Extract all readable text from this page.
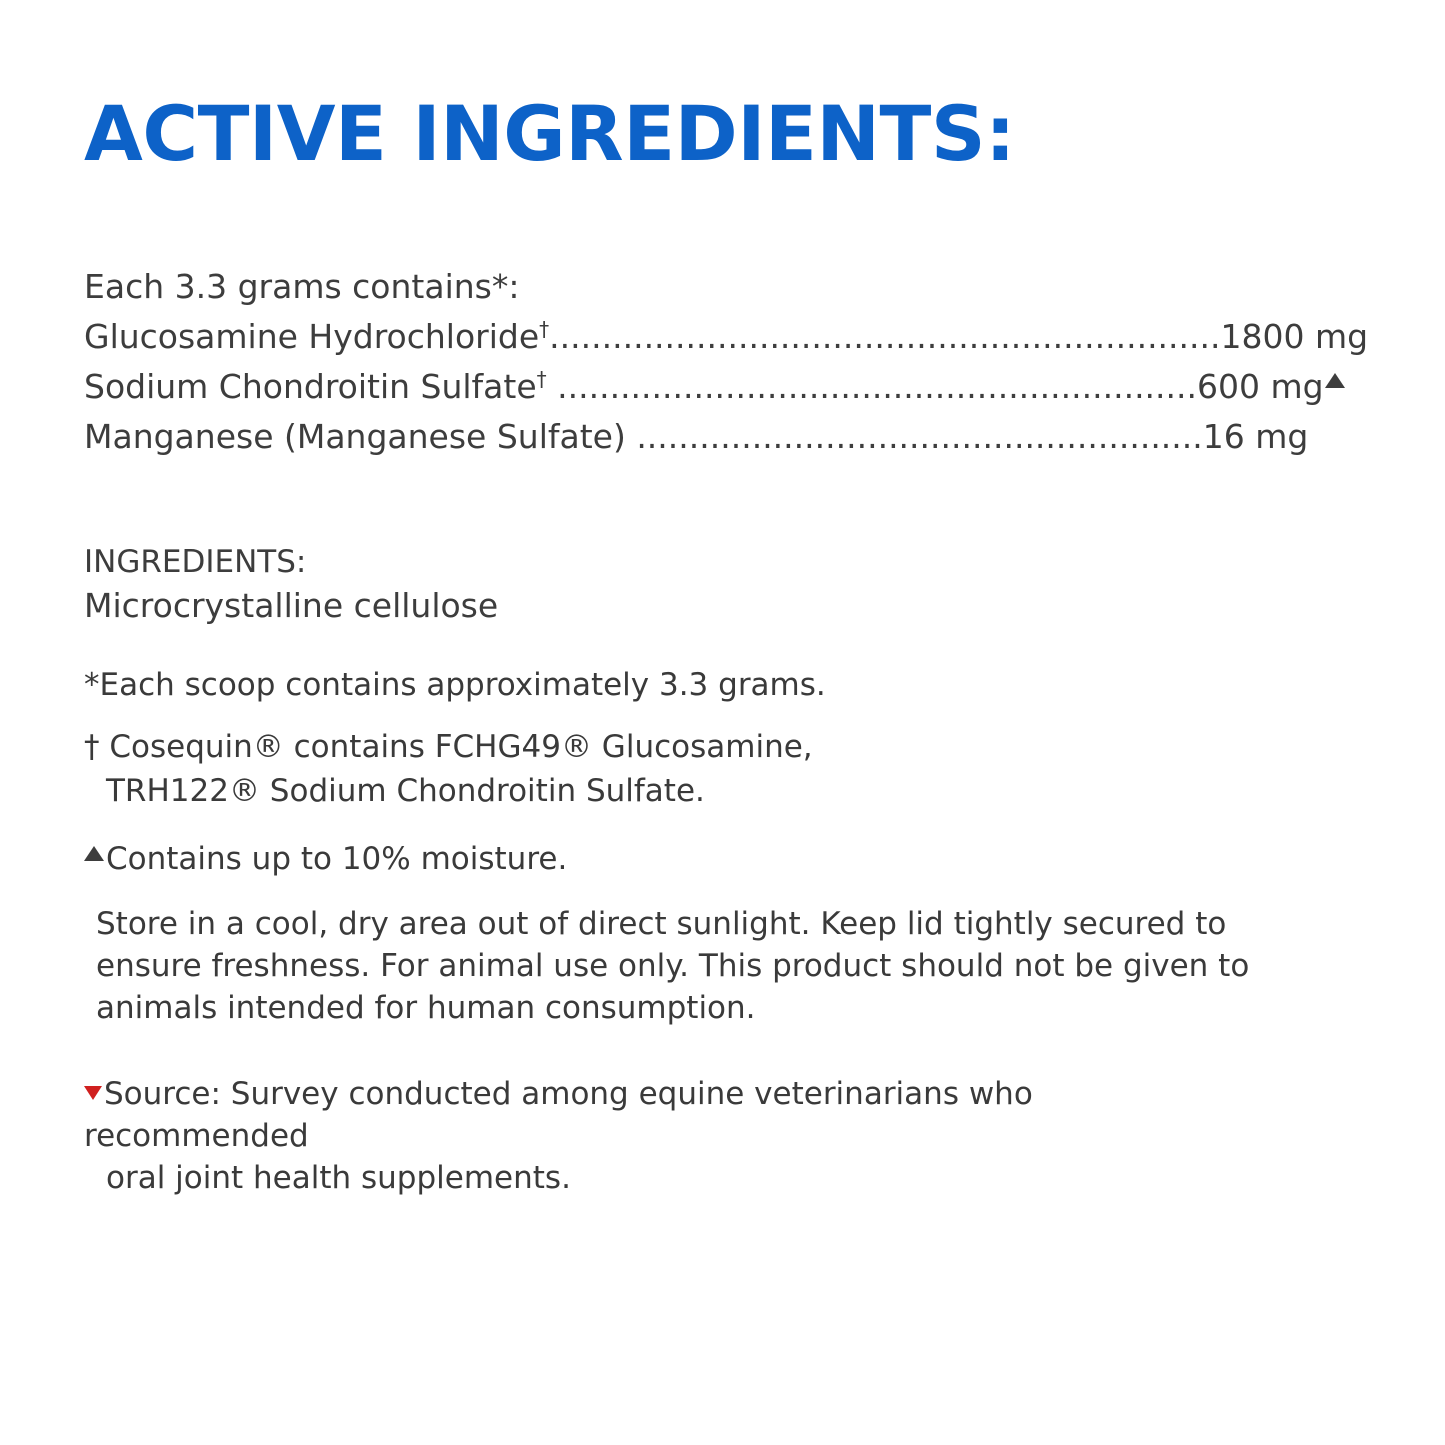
ACTIVE INGREDIENTS:
Each 3.3 grams contains*:
Glucosamine Hydrochloride†................................................................1800 mg
Sodium Chondroitin Sulfate† .............................................................600 mg
Manganese (Manganese Sulfate) ......................................................16 mg
INGREDIENTS:
Microcrystalline cellulose
*Each scoop contains approximately 3.3 grams.
† Cosequin® contains FCHG49® Glucosamine,
TRH122® Sodium Chondroitin Sulfate.
Contains up to 10% moisture.
Store in a cool, dry area out of direct sunlight. Keep lid tightly secured to ensure freshness. For animal use only. This product should not be given to animals intended for human consumption.
Source: Survey conducted among equine veterinarians who recommended
oral joint health supplements.
